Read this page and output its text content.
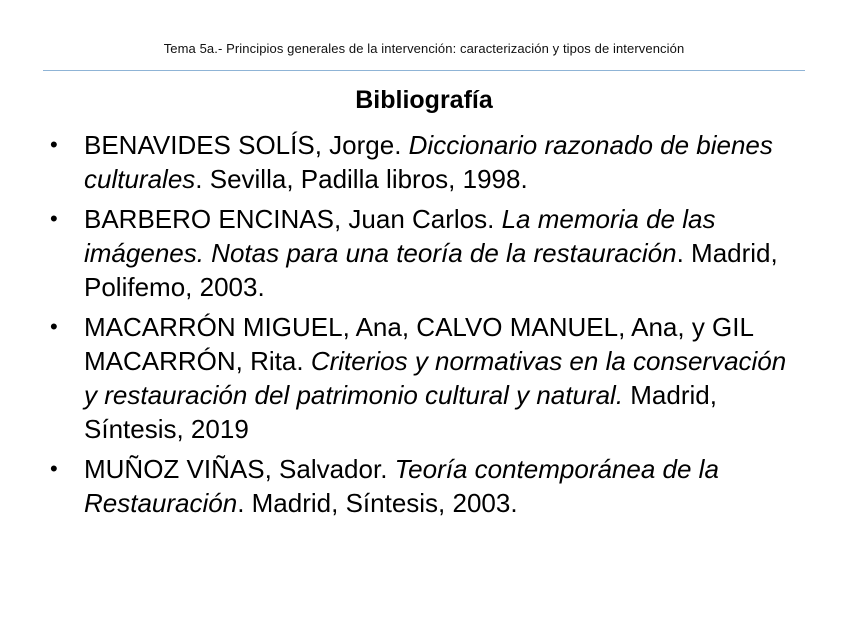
Tema 5a.- Principios generales de la intervención: caracterización y tipos de intervención
Bibliografía
• BENAVIDES SOLÍS, Jorge. Diccionario razonado de bienes culturales. Sevilla, Padilla libros, 1998.
• BARBERO ENCINAS, Juan Carlos. La memoria de las imágenes. Notas para una teoría de la restauración. Madrid, Polifemo, 2003.
• MACARRÓN MIGUEL, Ana, CALVO MANUEL, Ana, y GIL MACARRÓN, Rita. Criterios y normativas en la conservación y restauración del patrimonio cultural y natural. Madrid, Síntesis, 2019
• MUÑOZ VIÑAS, Salvador. Teoría contemporánea de la Restauración. Madrid, Síntesis, 2003.
